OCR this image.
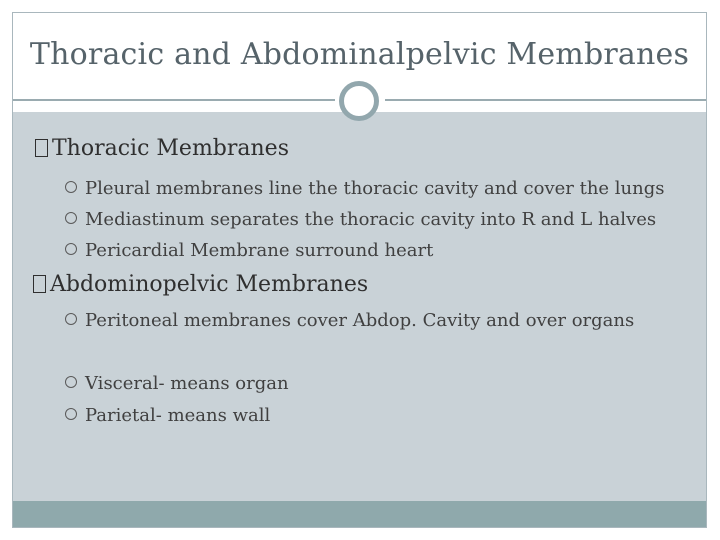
Thoracic and Abdominalpelvic Membranes
Thoracic Membranes
Pleural membranes line the thoracic cavity and cover the lungs
Mediastinum separates the thoracic cavity into R and L halves
Pericardial Membrane surround heart
Abdominopelvic Membranes
Peritoneal membranes cover Abdop. Cavity and over organs
Visceral- means organ
Parietal- means wall
